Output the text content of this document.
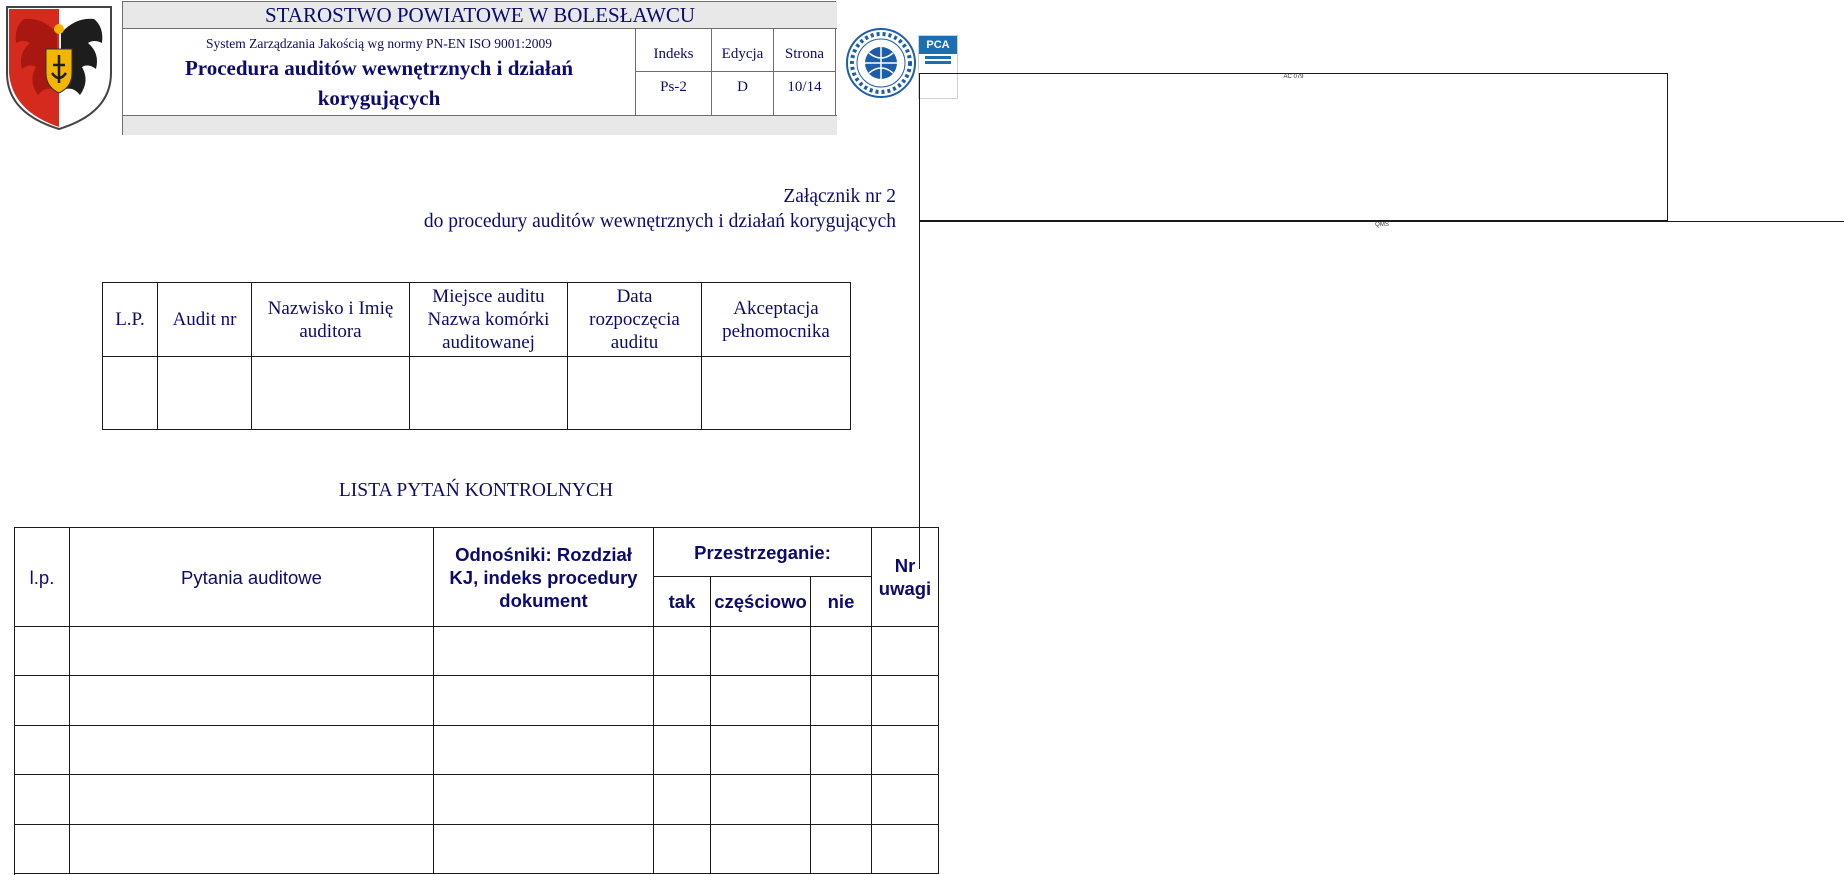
STAROSTWO POWIATOWE W BOLESŁAWCU
System Zarządzania Jakością wg normy PN-EN ISO 9001:2009
Procedura auditów wewnętrznych i działań
korygujących
Indeks
Ps-2
Edycja
D
Strona
10/14
PCA
AC 079
QMS
Załącznik nr 2
do procedury auditów wewnętrznych i działań korygujących
L.P. Audit nr
Nazwisko i Imię
auditora
Miejsce auditu
Nazwa komórki
auditowanej
Data
rozpoczęcia
auditu
Akceptacja
pełnomocnika
LISTA PYTAŃ KONTROLNYCH
l.p.	Pytania auditowe
Odnośniki: Rozdział
KJ, indeks procedury
dokument
Przestrzeganie:
tak częściowo nie
Nr
uwagi
